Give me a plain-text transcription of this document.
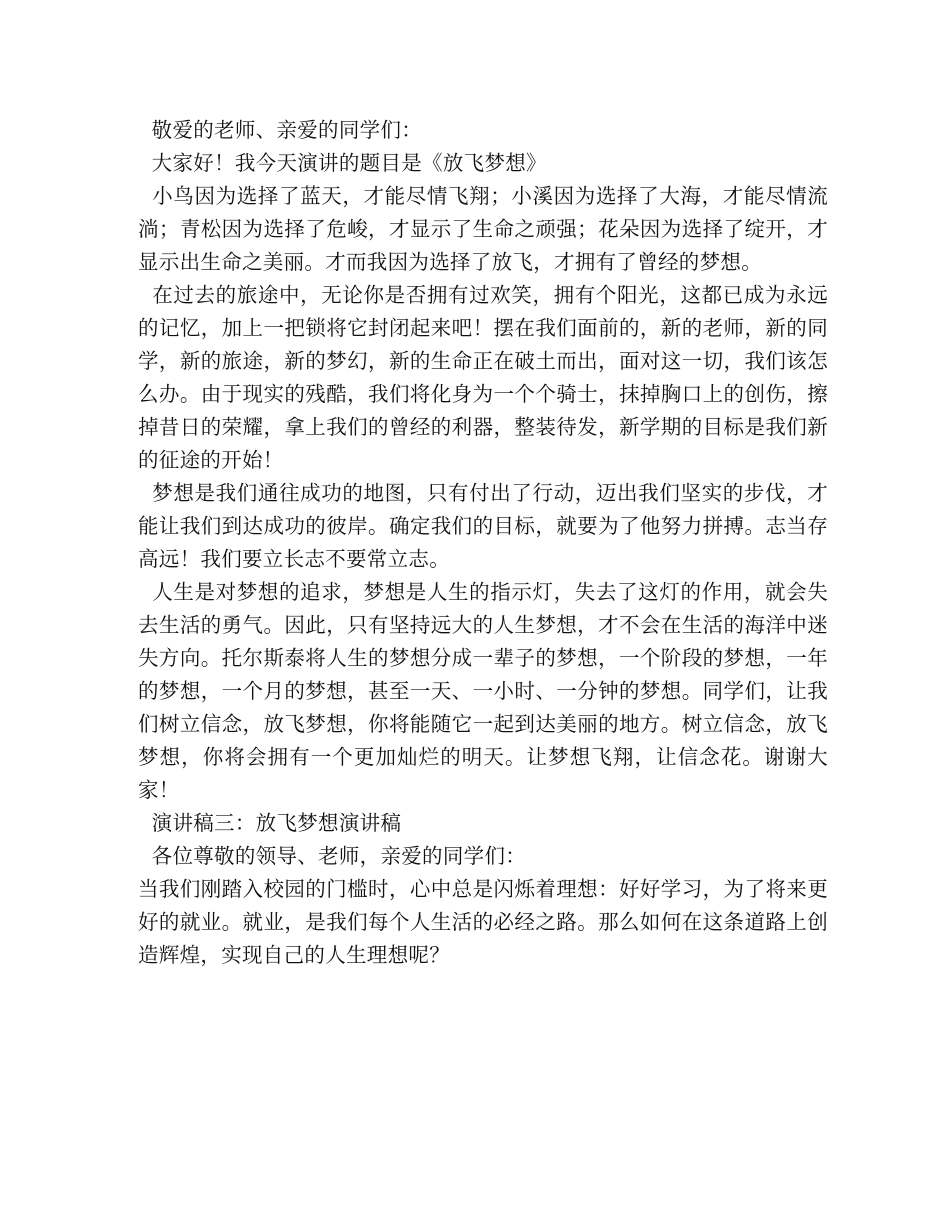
敬爱的老师、亲爱的同学们：

大家好！我今天演讲的题目是《放飞梦想》

小鸟因为选择了蓝天，才能尽情飞翔；小溪因为选择了大海，才能尽情流淌；青松因为选择了危峻，才显示了生命之顽强；花朵因为选择了绽开，才显示出生命之美丽。才而我因为选择了放飞，才拥有了曾经的梦想。

在过去的旅途中，无论你是否拥有过欢笑，拥有个阳光，这都已成为永远的记忆，加上一把锁将它封闭起来吧！摆在我们面前的，新的老师，新的同学，新的旅途，新的梦幻，新的生命正在破土而出，面对这一切，我们该怎么办。由于现实的残酷，我们将化身为一个个骑士，抹掉胸口上的创伤，擦掉昔日的荣耀，拿上我们的曾经的利器，整装待发，新学期的目标是我们新的征途的开始！

梦想是我们通往成功的地图，只有付出了行动，迈出我们坚实的步伐，才能让我们到达成功的彼岸。确定我们的目标，就要为了他努力拼搏。志当存高远！我们要立长志不要常立志。

人生是对梦想的追求，梦想是人生的指示灯，失去了这灯的作用，就会失去生活的勇气。因此，只有坚持远大的人生梦想，才不会在生活的海洋中迷失方向。托尔斯泰将人生的梦想分成一辈子的梦想，一个阶段的梦想，一年的梦想，一个月的梦想，甚至一天、一小时、一分钟的梦想。同学们，让我们树立信念，放飞梦想，你将能随它一起到达美丽的地方。树立信念，放飞梦想，你将会拥有一个更加灿烂的明天。让梦想飞翔，让信念花。谢谢大家！

演讲稿三：放飞梦想演讲稿

各位尊敬的领导、老师，亲爱的同学们：

当我们刚踏入校园的门槛时，心中总是闪烁着理想：好好学习，为了将来更好的就业。就业，是我们每个人生活的必经之路。那么如何在这条道路上创造辉煌，实现自己的人生理想呢？
